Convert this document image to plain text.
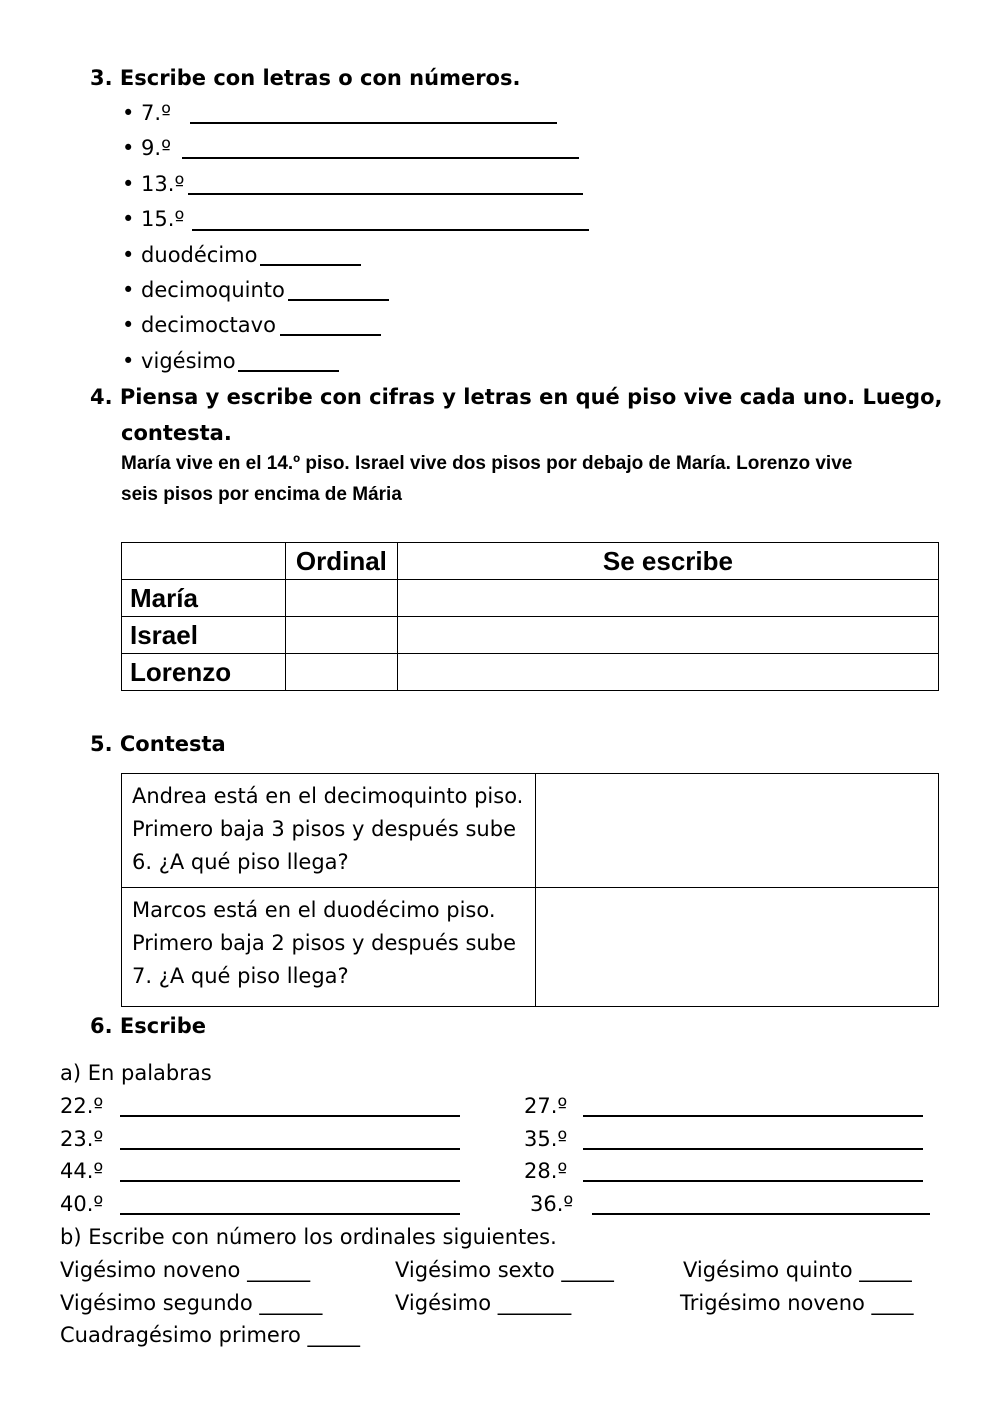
3. Escribe con letras o con números.
• 7.º
• 9.º
• 13.º
• 15.º
• duodécimo
• decimoquinto
• decimoctavo
• vigésimo
4. Piensa y escribe con cifras y letras en qué piso vive cada uno. Luego,
contesta.
María vive en el 14.º piso. Israel vive dos pisos por debajo de María. Lorenzo vive
seis pisos por encima de Mária
	Ordinal	Se escribe
María		
Israel		
Lorenzo		
5. Contesta
Andrea está en el decimoquinto piso. Primero baja 3 pisos y después sube 6. ¿A qué piso llega?	
Marcos está en el duodécimo piso. Primero baja 2 pisos y después sube 7. ¿A qué piso llega?	
6. Escribe
a) En palabras
22.º	27.º
23.º	35.º
44.º	28.º
40.º	36.º
b) Escribe con número los ordinales siguientes.
Vigésimo noveno ______	Vigésimo sexto _____	Vigésimo quinto _____
Vigésimo segundo ______	Vigésimo _______	Trigésimo noveno ____
Cuadragésimo primero _____
